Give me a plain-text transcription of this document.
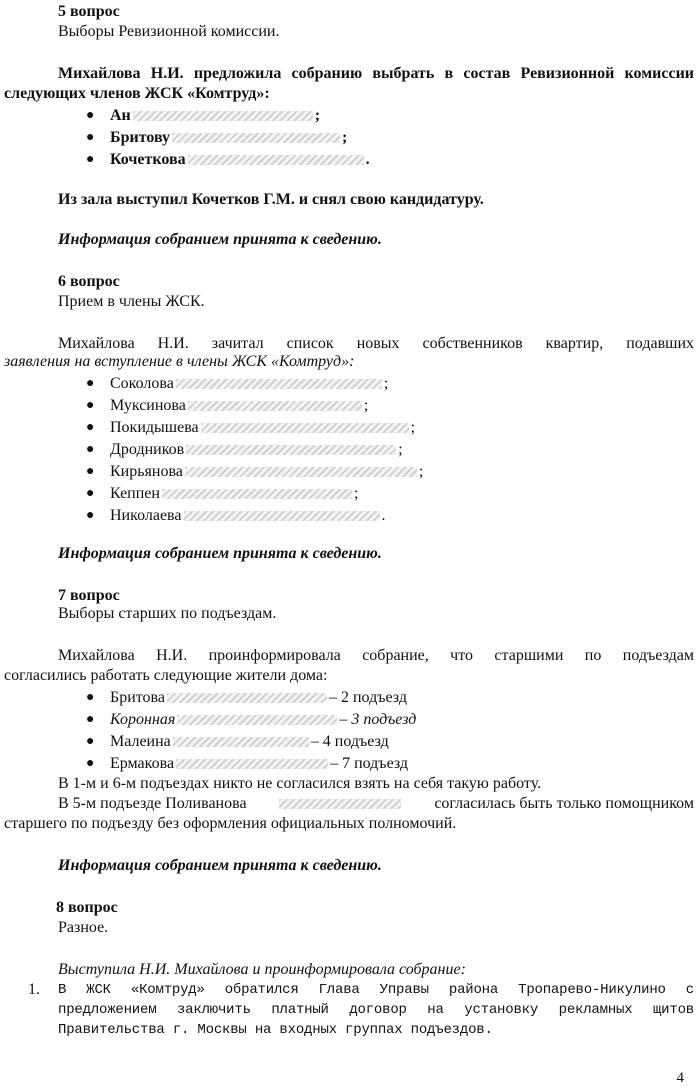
5 вопрос
Выборы Ревизионной комиссии.
Михайлова Н.И. предложила собранию выбрать в состав Ревизионной комиссии
следующих членов ЖСК «Комтруд»:
● Ан	;
● Бритову	;
● Кочеткова	.
Из зала выступил Кочетков Г.М. и снял свою кандидатуру.
Информация собранием принята к сведению.
6 вопрос
Прием в члены ЖСК.
Михайлова Н.И. зачитал список новых собственников квартир, подавших
заявления на вступление в члены ЖСК «Комтруд»:
● Соколова	;
● Муксинова	;
● Покидышева	;
● Дродников	;
● Кирьянова	;
● Кеппен	;
● Николаева	.
Информация собранием принята к сведению.
7 вопрос
Выборы старших по подъездам.
Михайлова Н.И. проинформировала собрание, что старшими по подъездам
согласились работать следующие жители дома:
● Бритова	– 2 подъезд
● Коронная	– 3 подъезд
● Малеина	– 4 подъезд
● Ермакова	– 7 подъезд
В 1-м и 6-м подъездах никто не согласился взять на себя такую работу.
В 5-м подъезде Поливанова	согласилась быть только помощником
старшего по подъезду без оформления официальных полномочий.
Информация собранием принята к сведению.
8 вопрос
Разное.
Выступила Н.И. Михайлова и проинформировала собрание:
1. В ЖСК «Комтруд» обратился Глава Управы района Тропарево-Никулино с
предложением заключить платный договор на установку рекламных щитов
Правительства г. Москвы на входных группах подъездов.
4
